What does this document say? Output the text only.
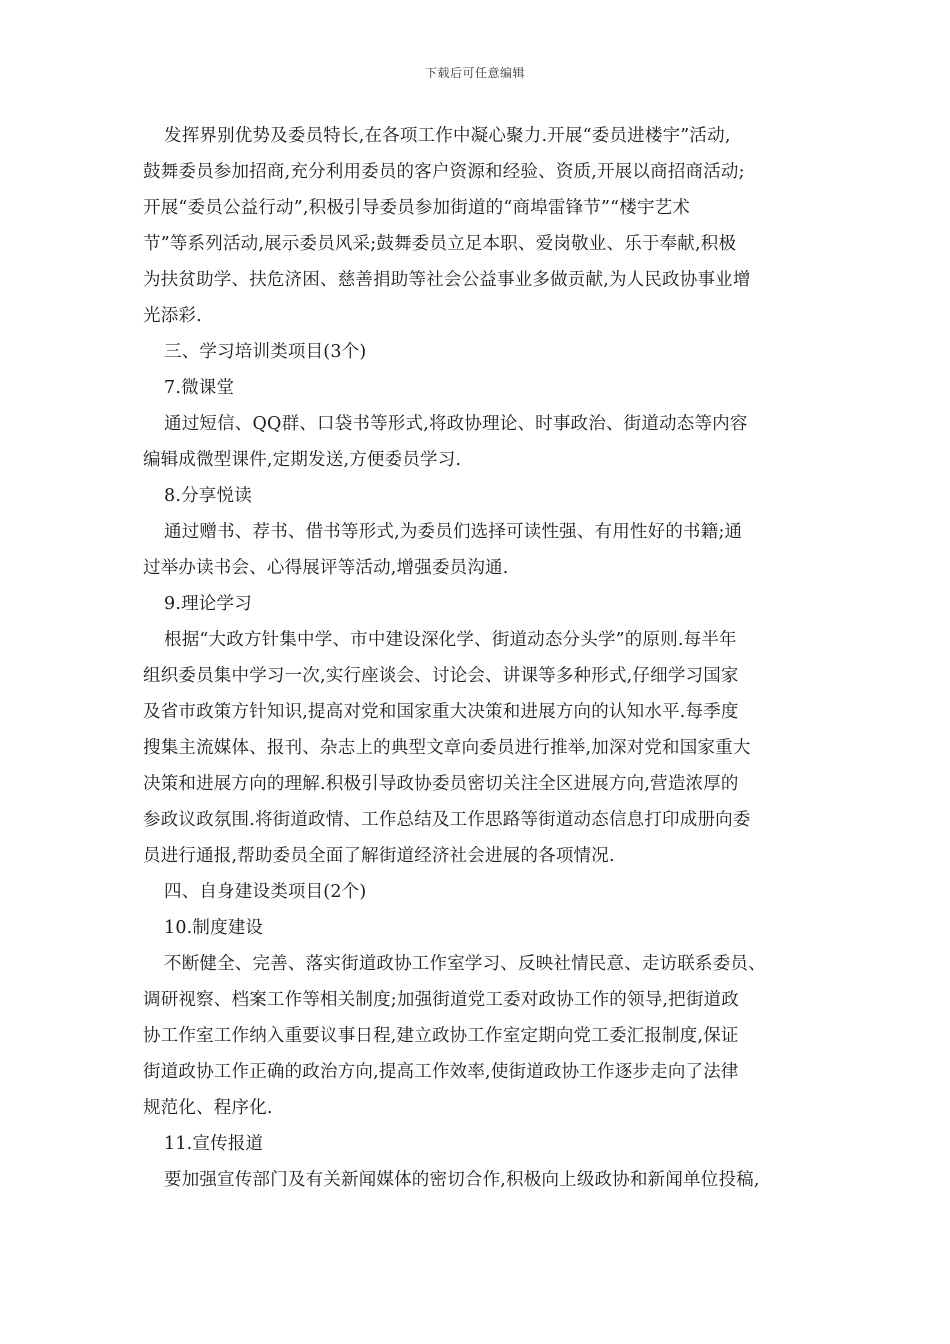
下载后可任意编辑

发挥界别优势及委员特长,在各项工作中凝心聚力.开展“委员进楼宇”活动,
鼓舞委员参加招商,充分利用委员的客户资源和经验、资质,开展以商招商活动;
开展“委员公益行动”,积极引导委员参加街道的“商埠雷锋节”“楼宇艺术
节”等系列活动,展示委员风采;鼓舞委员立足本职、爱岗敬业、乐于奉献,积极
为扶贫助学、扶危济困、慈善捐助等社会公益事业多做贡献,为人民政协事业增
光添彩.

三、学习培训类项目(3个)

7.微课堂

通过短信、QQ群、口袋书等形式,将政协理论、时事政治、街道动态等内容
编辑成微型课件,定期发送,方便委员学习.

8.分享悦读

通过赠书、荐书、借书等形式,为委员们选择可读性强、有用性好的书籍;通
过举办读书会、心得展评等活动,增强委员沟通.

9.理论学习

根据“大政方针集中学、市中建设深化学、街道动态分头学”的原则.每半年
组织委员集中学习一次,实行座谈会、讨论会、讲课等多种形式,仔细学习国家
及省市政策方针知识,提高对党和国家重大决策和进展方向的认知水平.每季度
搜集主流媒体、报刊、杂志上的典型文章向委员进行推举,加深对党和国家重大
决策和进展方向的理解.积极引导政协委员密切关注全区进展方向,营造浓厚的
参政议政氛围.将街道政情、工作总结及工作思路等街道动态信息打印成册向委
员进行通报,帮助委员全面了解街道经济社会进展的各项情况.

四、自身建设类项目(2个)

10.制度建设

不断健全、完善、落实街道政协工作室学习、反映社情民意、走访联系委员、
调研视察、档案工作等相关制度;加强街道党工委对政协工作的领导,把街道政
协工作室工作纳入重要议事日程,建立政协工作室定期向党工委汇报制度,保证
街道政协工作正确的政治方向,提高工作效率,使街道政协工作逐步走向了法律
规范化、程序化.

11.宣传报道

要加强宣传部门及有关新闻媒体的密切合作,积极向上级政协和新闻单位投稿,
